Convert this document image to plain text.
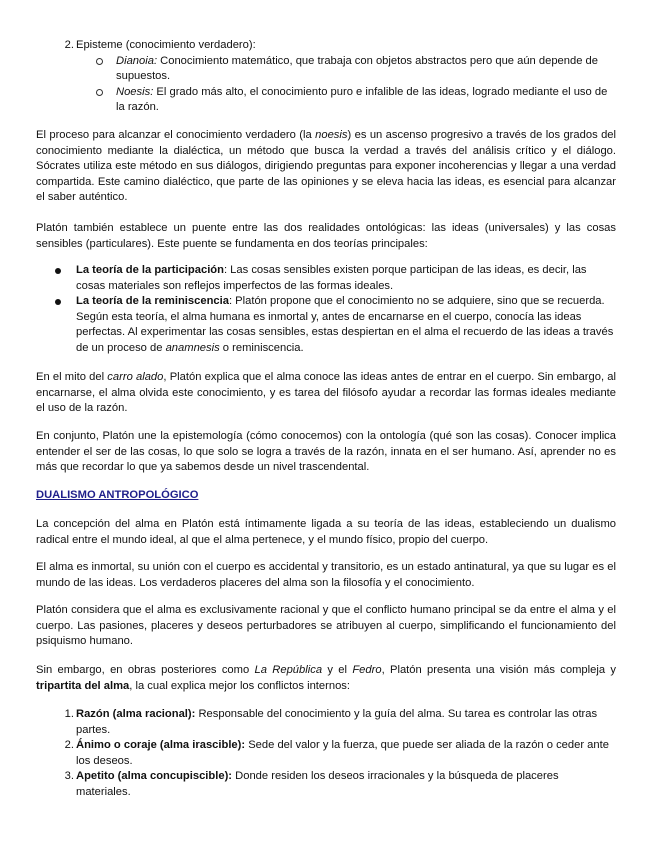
2. Episteme (conocimiento verdadero):
Dianoia: Conocimiento matemático, que trabaja con objetos abstractos pero que aún depende de supuestos.
Noesis: El grado más alto, el conocimiento puro e infalible de las ideas, logrado mediante el uso de la razón.

El proceso para alcanzar el conocimiento verdadero (la noesis) es un ascenso progresivo a través de los grados del conocimiento mediante la dialéctica, un método que busca la verdad a través del análisis crítico y el diálogo. Sócrates utiliza este método en sus diálogos, dirigiendo preguntas para exponer incoherencias y llegar a una verdad compartida. Este camino dialéctico, que parte de las opiniones y se eleva hacia las ideas, es esencial para alcanzar el saber auténtico.

Platón también establece un puente entre las dos realidades ontológicas: las ideas (universales) y las cosas sensibles (particulares). Este puente se fundamenta en dos teorías principales:

La teoría de la participación: Las cosas sensibles existen porque participan de las ideas, es decir, las cosas materiales son reflejos imperfectos de las formas ideales.
La teoría de la reminiscencia: Platón propone que el conocimiento no se adquiere, sino que se recuerda. Según esta teoría, el alma humana es inmortal y, antes de encarnarse en el cuerpo, conocía las ideas perfectas. Al experimentar las cosas sensibles, estas despiertan en el alma el recuerdo de las ideas a través de un proceso de anamnesis o reminiscencia.

En el mito del carro alado, Platón explica que el alma conoce las ideas antes de entrar en el cuerpo. Sin embargo, al encarnarse, el alma olvida este conocimiento, y es tarea del filósofo ayudar a recordar las formas ideales mediante el uso de la razón.

En conjunto, Platón une la epistemología (cómo conocemos) con la ontología (qué son las cosas). Conocer implica entender el ser de las cosas, lo que solo se logra a través de la razón, innata en el ser humano. Así, aprender no es más que recordar lo que ya sabemos desde un nivel trascendental.

DUALISMO ANTROPOLÓGICO

La concepción del alma en Platón está íntimamente ligada a su teoría de las ideas, estableciendo un dualismo radical entre el mundo ideal, al que el alma pertenece, y el mundo físico, propio del cuerpo.

El alma es inmortal, su unión con el cuerpo es accidental y transitorio, es un estado antinatural, ya que su lugar es el mundo de las ideas. Los verdaderos placeres del alma son la filosofía y el conocimiento.

Platón considera que el alma es exclusivamente racional y que el conflicto humano principal se da entre el alma y el cuerpo. Las pasiones, placeres y deseos perturbadores se atribuyen al cuerpo, simplificando el funcionamiento del psiquismo humano.

Sin embargo, en obras posteriores como La República y el Fedro, Platón presenta una visión más compleja y tripartita del alma, la cual explica mejor los conflictos internos:

1. Razón (alma racional): Responsable del conocimiento y la guía del alma. Su tarea es controlar las otras partes.
2. Ánimo o coraje (alma irascible): Sede del valor y la fuerza, que puede ser aliada de la razón o ceder ante los deseos.
3. Apetito (alma concupiscible): Donde residen los deseos irracionales y la búsqueda de placeres materiales.
